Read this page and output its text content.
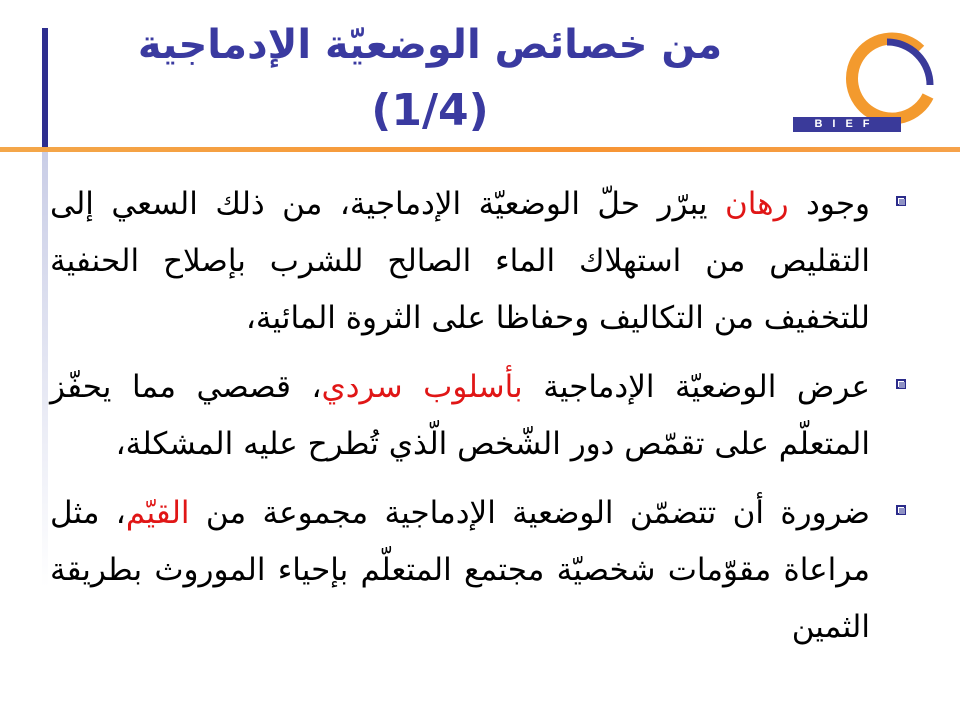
من خصائص الوضعيّة الإدماجية
(1/4)	BIEF
وجود رهان يبرّر حلّ الوضعيّة الإدماجية، من ذلك السعي إلى التقليص من استهلاك الماء الصالح للشرب بإصلاح الحنفية للتخفيف من التكاليف وحفاظا على الثروة المائية،
عرض الوضعيّة الإدماجية بأسلوب سردي، قصصي مما يحفّز المتعلّم على تقمّص دور الشّخص الّذي تُطرح عليه المشكلة،
ضرورة أن تتضمّن الوضعية الإدماجية مجموعة من القيّم، مثل مراعاة مقوّمات شخصيّة مجتمع المتعلّم بإحياء الموروث بطريقة الثمين
